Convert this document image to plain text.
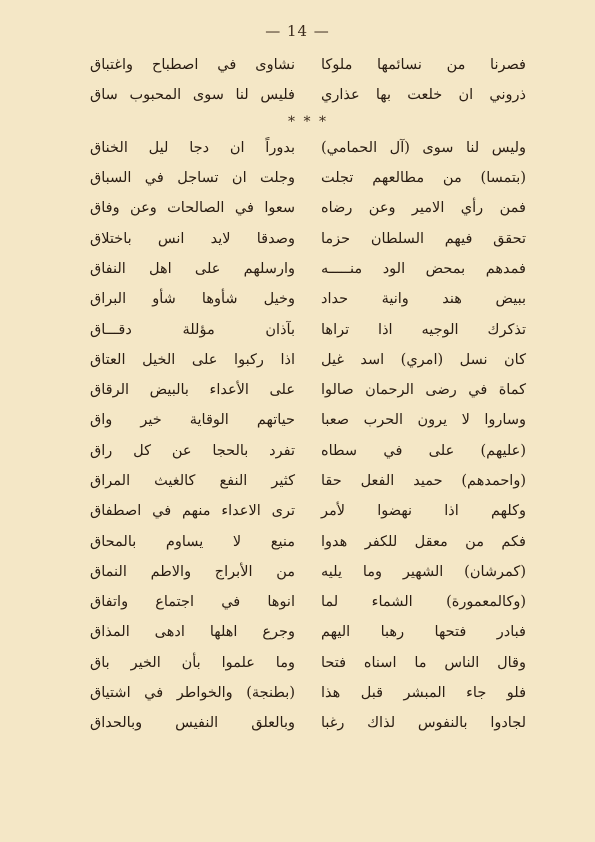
— 14 —
فصرنا من نسائمها ملوكا
نشاوى في اصطباح واغتباق
ذروني ان خلعت بها عذاري
فليس لنا سوى المحبوب ساق
* * *
وليس لنا سوى (آل الحمامي)
بدوراً ان دجا ليل الخناق
(بتمسا) من مطالعهم تجلت
وجلت ان تساجل في السباق
فمن رأي الامير وعن رضاه
سعوا في الصالحات وعن وفاق
تحقق فيهم السلطان حزما
وصدقا لايد انس باختلاق
فمدهم بمحض الود منـــــه
وارسلهم على اهل النفاق
ببيض هند وانية حداد
وخيل شأوها شأو البراق
تذكرك الوجيه اذا تراها
بآذان مؤللة دقـــاق
كان نسل (امري) اسد غيل
اذا ركبوا على الخيل العتاق
كماة في رضى الرحمان صالوا
على الأعداء بالبيض الرقاق
وساروا لا يرون الحرب صعبا
حياتهم الوقاية خير واق
(عليهم) على في سطاه
تفرد بالحجا عن كل راق
(واحمدهم) حميد الفعل حقا
كثير النفع كالغيث المراق
وكلهم اذا نهضوا لأمر
ترى الاعداء منهم في اصطفاق
فكم من معقل للكفر هدوا
منيع لا يساوم بالمحاق
(كمرشان) الشهير وما يليه
من الأبراج والاطم النماق
(وكالمعمورة) الشماء لما
انوها في اجتماع واتفاق
فبادر فتحها رهبا اليهم
وجرع اهلها ادهى المذاق
وقال الناس ما اسناه فتحا
وما علموا بأن الخير باق
فلو جاء المبشر قبل هذا
(بطنجة) والخواطر في اشتياق
لجادوا بالنفوس لذاك رغبا
وبالعلق النفيس وبالحداق
